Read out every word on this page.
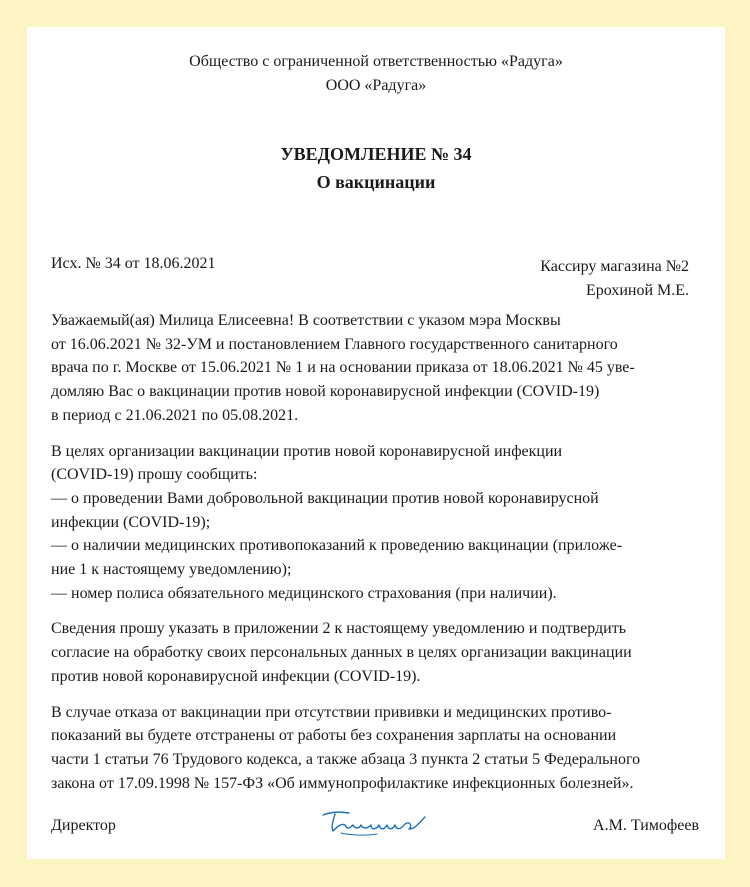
Общество с ограниченной ответственностью «Радуга»
ООО «Радуга»
УВЕДОМЛЕНИЕ № 34
О вакцинации
Исх. № 34 от 18.06.2021	Кассиру магазина №2
Ерохиной М.Е.
Уважаемый(ая) Милица Елисеевна! В соответствии с указом мэра Москвы
от 16.06.2021 № 32-УМ и постановлением Главного государственного санитарного
врача по г. Москве от 15.06.2021 № 1 и на основании приказа от 18.06.2021 № 45 уве-
домляю Вас о вакцинации против новой коронавирусной инфекции (COVID-19)
в период с 21.06.2021 по 05.08.2021.
В целях организации вакцинации против новой коронавирусной инфекции
(COVID-19) прошу сообщить:
— о проведении Вами добровольной вакцинации против новой коронавирусной
инфекции (COVID-19);
— о наличии медицинских противопоказаний к проведению вакцинации (приложе-
ние 1 к настоящему уведомлению);
— номер полиса обязательного медицинского страхования (при наличии).
Сведения прошу указать в приложении 2 к настоящему уведомлению и подтвердить
согласие на обработку своих персональных данных в целях организации вакцинации
против новой коронавирусной инфекции (COVID-19).
В случае отказа от вакцинации при отсутствии прививки и медицинских противо-
показаний вы будете отстранены от работы без сохранения зарплаты на основании
части 1 статьи 76 Трудового кодекса, а также абзаца 3 пункта 2 статьи 5 Федерального
закона от 17.09.1998 № 157-ФЗ «Об иммунопрофилактике инфекционных болезней».
Директор	А.М. Тимофеев
